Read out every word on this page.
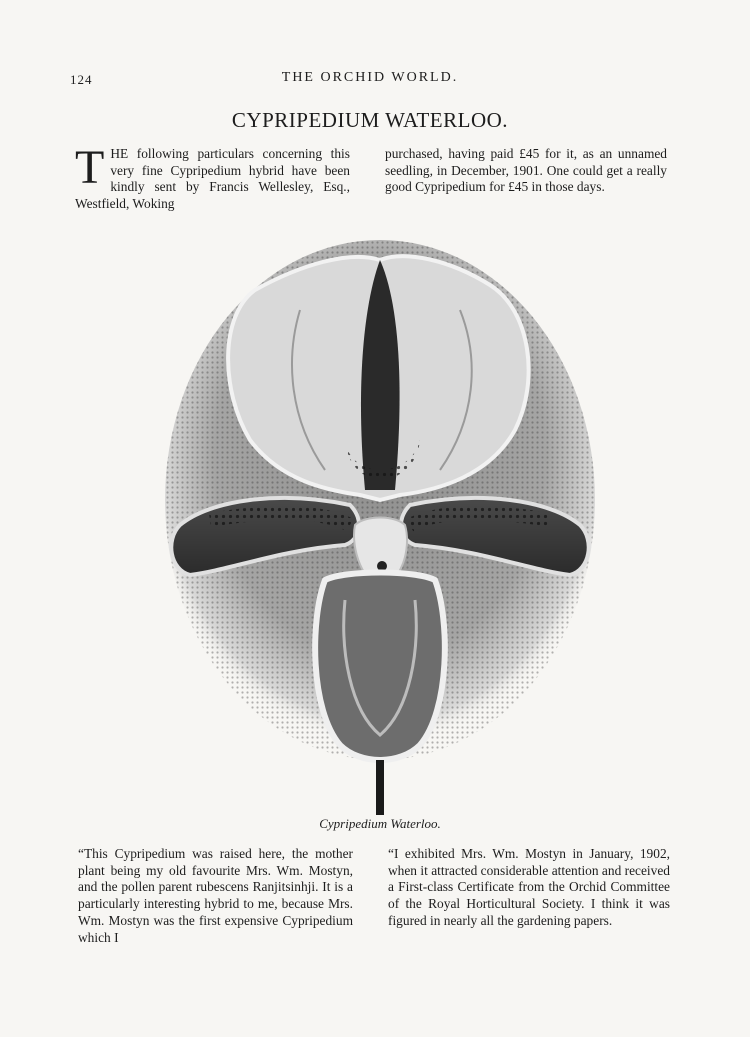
124	THE ORCHID WORLD.
CYPRIPEDIUM WATERLOO.
THE following particulars concerning this very fine Cypripedium hybrid have been kindly sent by Francis Wellesley, Esq., Westfield, Woking
purchased, having paid £45 for it, as an unnamed seedling, in December, 1901. One could get a really good Cypripedium for £45 in those days.
Cypripedium Waterloo.
“This Cypripedium was raised here, the mother plant being my old favourite Mrs. Wm. Mostyn, and the pollen parent rubescens Ranjitsinhji. It is a particularly interesting hybrid to me, because Mrs. Wm. Mostyn was the first expensive Cypripedium which I
“I exhibited Mrs. Wm. Mostyn in January, 1902, when it attracted considerable attention and received a First-class Certificate from the Orchid Committee of the Royal Horticultural Society. I think it was figured in nearly all the gardening papers.
